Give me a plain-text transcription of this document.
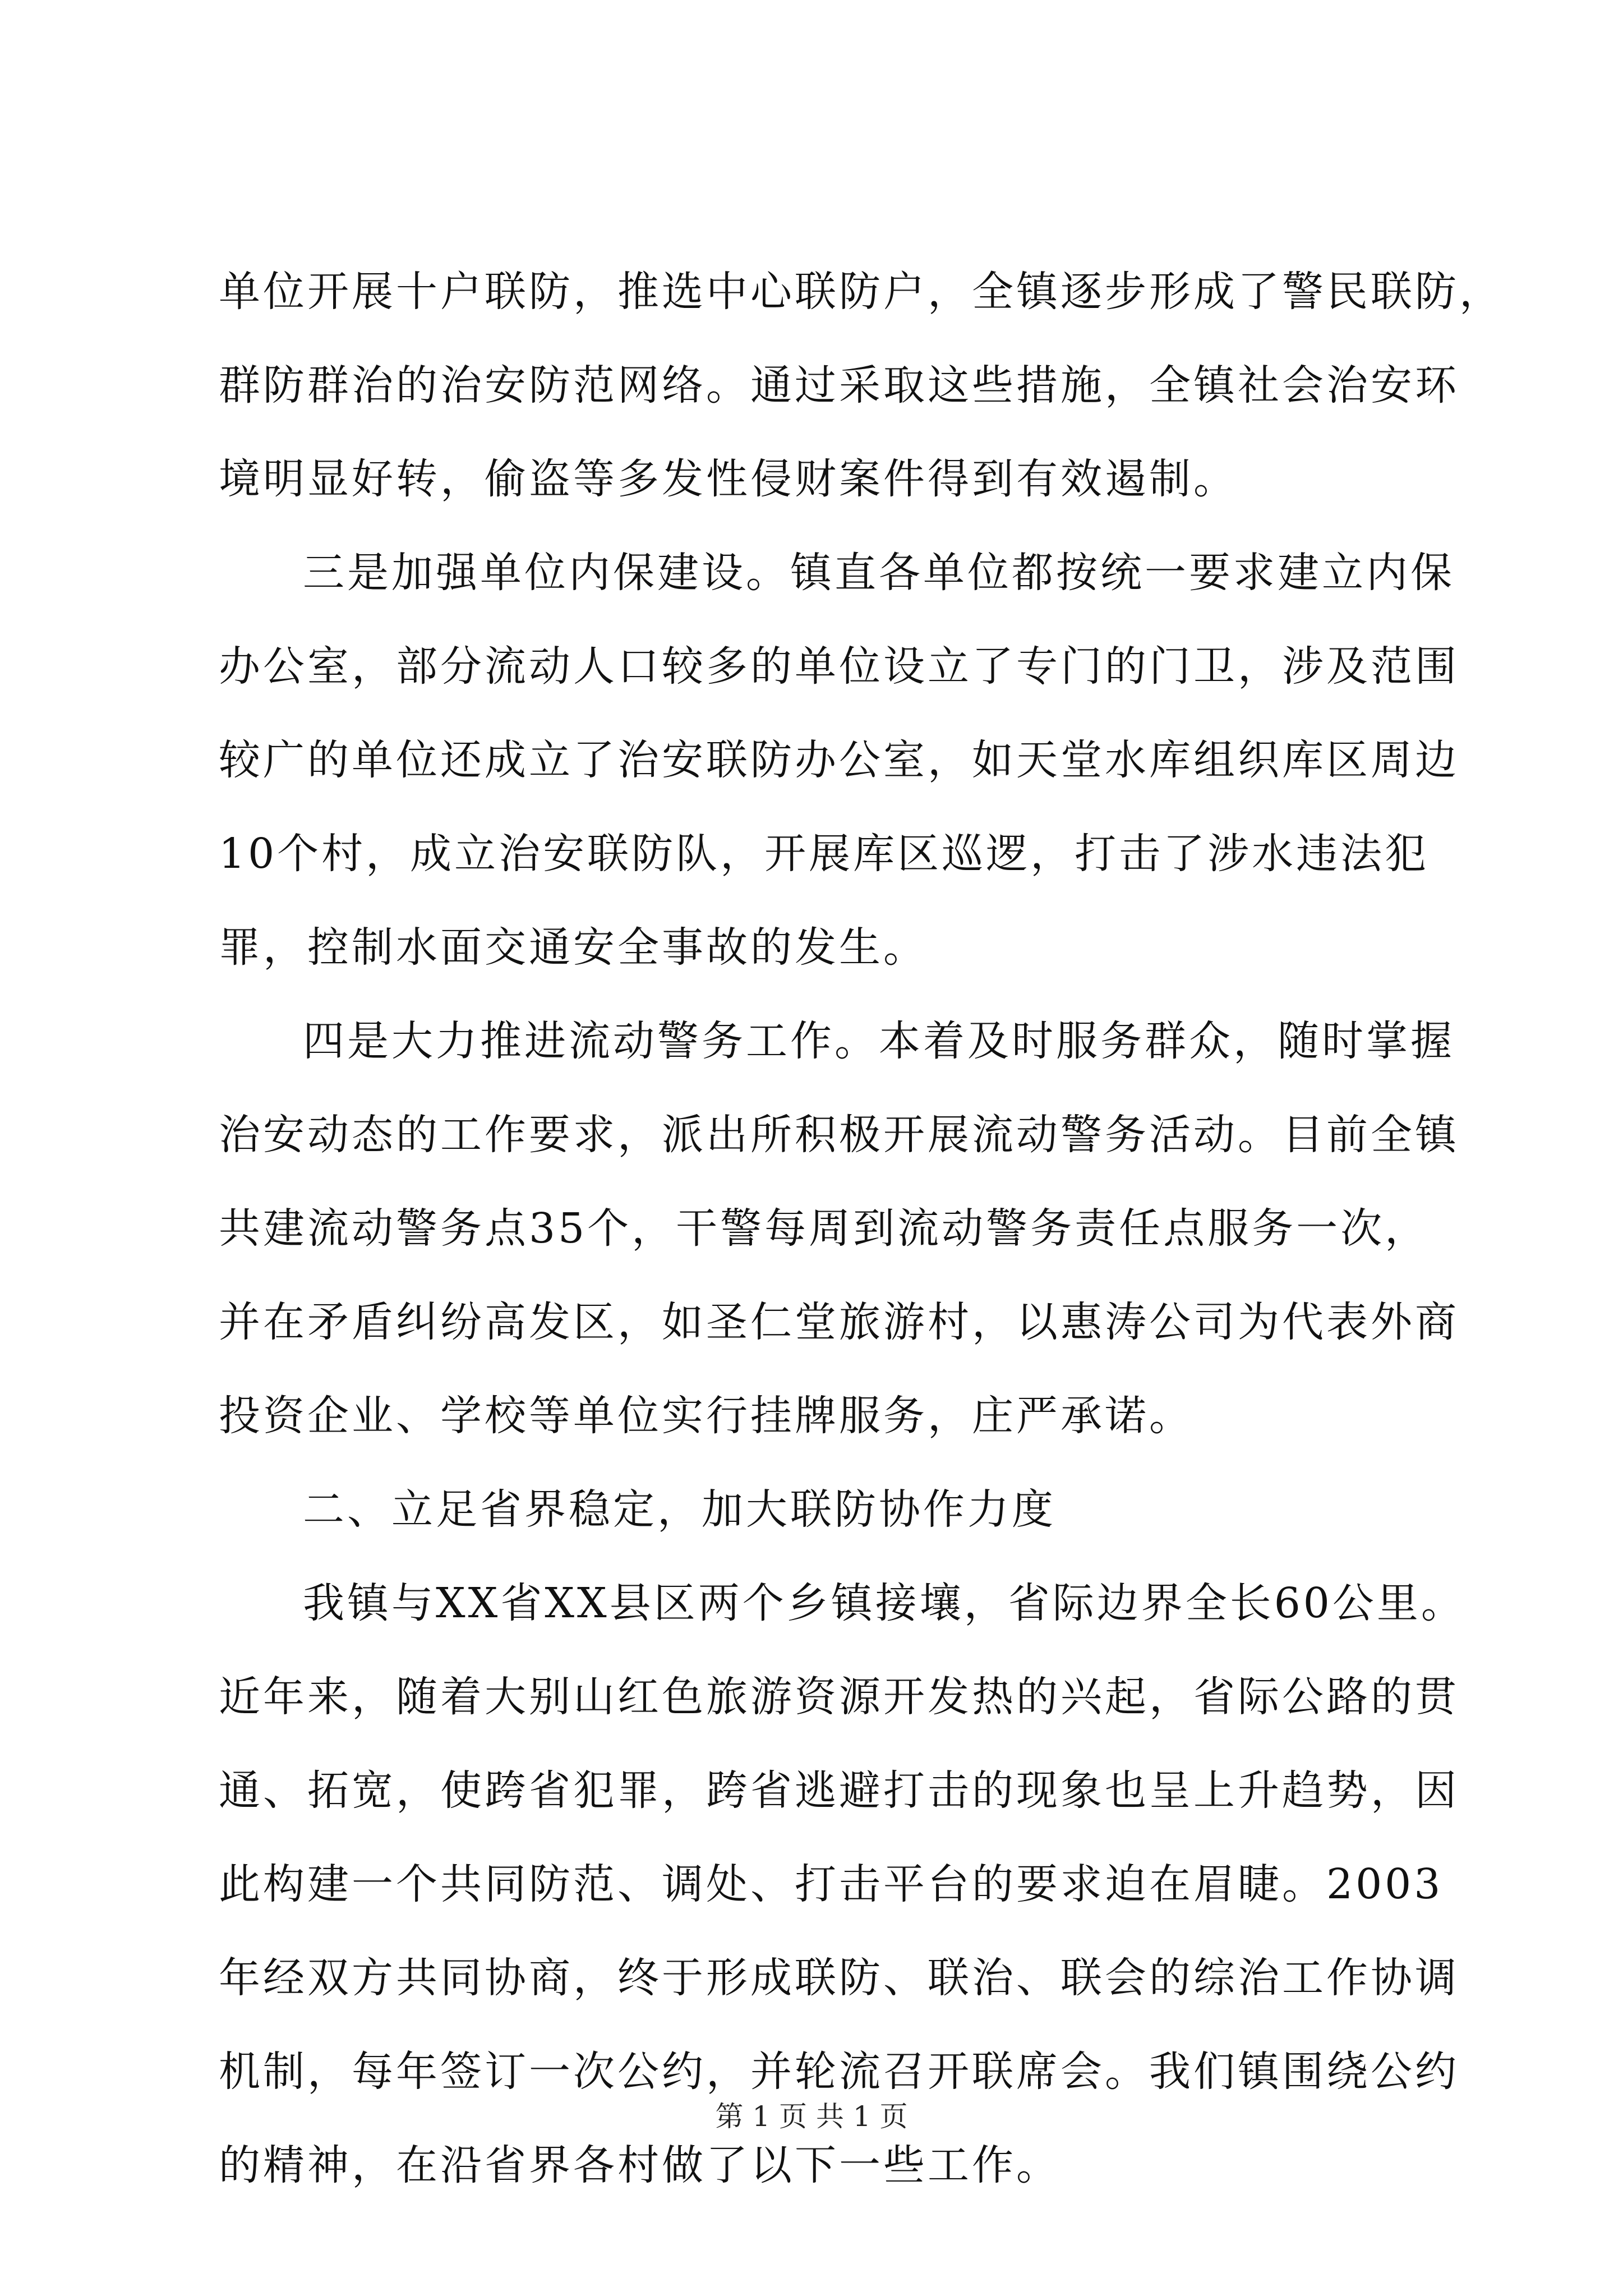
单位开展十户联防，推选中心联防户，全镇逐步形成了警民联防，
群防群治的治安防范网络。通过采取这些措施，全镇社会治安环
境明显好转，偷盗等多发性侵财案件得到有效遏制。
三是加强单位内保建设。镇直各单位都按统一要求建立内保
办公室，部分流动人口较多的单位设立了专门的门卫，涉及范围
较广的单位还成立了治安联防办公室，如天堂水库组织库区周边
10个村，成立治安联防队，开展库区巡逻，打击了涉水违法犯
罪，控制水面交通安全事故的发生。
四是大力推进流动警务工作。本着及时服务群众，随时掌握
治安动态的工作要求，派出所积极开展流动警务活动。目前全镇
共建流动警务点35个，干警每周到流动警务责任点服务一次，
并在矛盾纠纷高发区，如圣仁堂旅游村，以惠涛公司为代表外商
投资企业、学校等单位实行挂牌服务，庄严承诺。
二、立足省界稳定，加大联防协作力度
我镇与XX省XX县区两个乡镇接壤，省际边界全长60公里。
近年来，随着大别山红色旅游资源开发热的兴起，省际公路的贯
通、拓宽，使跨省犯罪，跨省逃避打击的现象也呈上升趋势，因
此构建一个共同防范、调处、打击平台的要求迫在眉睫。2003
年经双方共同协商，终于形成联防、联治、联会的综治工作协调
机制，每年签订一次公约，并轮流召开联席会。我们镇围绕公约
的精神，在沿省界各村做了以下一些工作。
第 1 页 共 1 页
